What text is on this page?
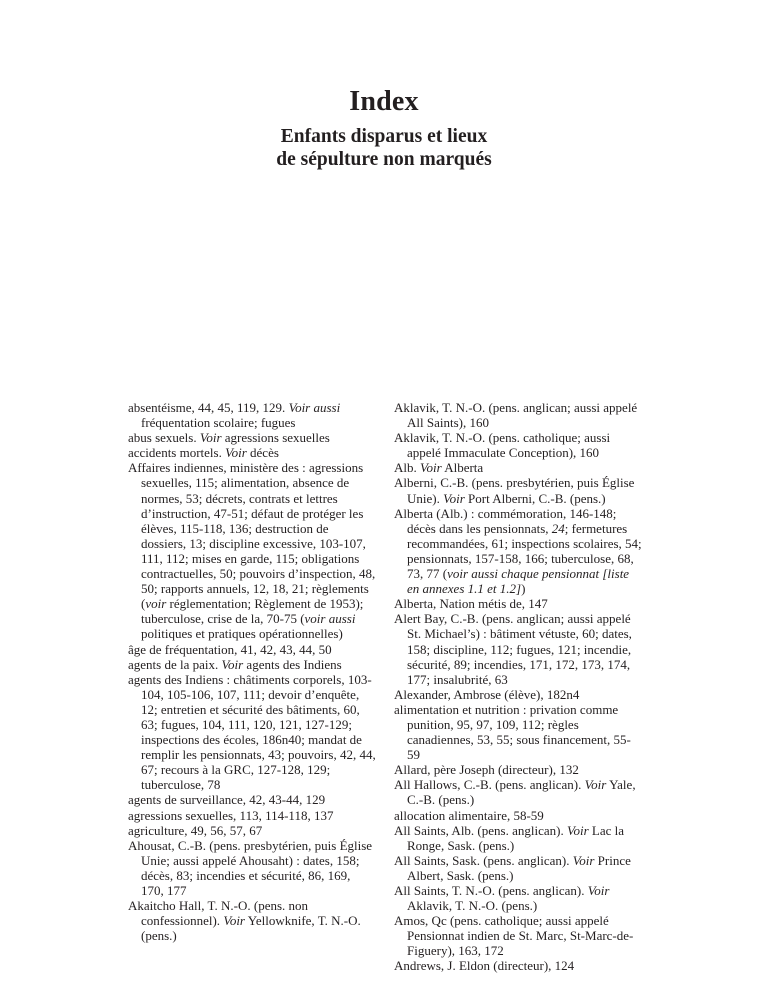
Index
Enfants disparus et lieux
de sépulture non marqués

absentéisme, 44, 45, 119, 129. Voir aussi fréquentation scolaire; fugues

abus sexuels. Voir agressions sexuelles

accidents mortels. Voir décès

Affaires indiennes, ministère des : agressions sexuelles, 115; alimentation, absence de normes, 53; décrets, contrats et lettres d’instruction, 47-51; défaut de protéger les élèves, 115-118, 136; destruction de dossiers, 13; discipline excessive, 103-107, 111, 112; mises en garde, 115; obligations contractuelles, 50; pouvoirs d’inspection, 48, 50; rapports annuels, 12, 18, 21; règlements (voir réglementation; Règlement de 1953); tuberculose, crise de la, 70-75 (voir aussi politiques et pratiques opérationnelles)

âge de fréquentation, 41, 42, 43, 44, 50

agents de la paix. Voir agents des Indiens

agents des Indiens : châtiments corporels, 103-104, 105-106, 107, 111; devoir d’enquête, 12; entretien et sécurité des bâtiments, 60, 63; fugues, 104, 111, 120, 121, 127-129; inspections des écoles, 186n40; mandat de remplir les pensionnats, 43; pouvoirs, 42, 44, 67; recours à la GRC, 127-128, 129; tuberculose, 78

agents de surveillance, 42, 43-44, 129

agressions sexuelles, 113, 114-118, 137

agriculture, 49, 56, 57, 67

Ahousat, C.-B. (pens. presbytérien, puis Église Unie; aussi appelé Ahousaht) : dates, 158; décès, 83; incendies et sécurité, 86, 169, 170, 177

Akaitcho Hall, T. N.-O. (pens. non confessionnel). Voir Yellowknife, T. N.-O. (pens.)

Aklavik, T. N.-O. (pens. anglican; aussi appelé All Saints), 160

Aklavik, T. N.-O. (pens. catholique; aussi appelé Immaculate Conception), 160

Alb. Voir Alberta

Alberni, C.-B. (pens. presbytérien, puis Église Unie). Voir Port Alberni, C.-B. (pens.)

Alberta (Alb.) : commémoration, 146-148; décès dans les pensionnats, 24; fermetures recommandées, 61; inspections scolaires, 54; pensionnats, 157-158, 166; tuberculose, 68, 73, 77 (voir aussi chaque pensionnat [liste en annexes 1.1 et 1.2])

Alberta, Nation métis de, 147

Alert Bay, C.-B. (pens. anglican; aussi appelé St. Michael’s) : bâtiment vétuste, 60; dates, 158; discipline, 112; fugues, 121; incendie, sécurité, 89; incendies, 171, 172, 173, 174, 177; insalubrité, 63

Alexander, Ambrose (élève), 182n4

alimentation et nutrition : privation comme punition, 95, 97, 109, 112; règles canadiennes, 53, 55; sous financement, 55-59

Allard, père Joseph (directeur), 132

All Hallows, C.-B. (pens. anglican). Voir Yale, C.-B. (pens.)

allocation alimentaire, 58-59

All Saints, Alb. (pens. anglican). Voir Lac la Ronge, Sask. (pens.)

All Saints, Sask. (pens. anglican). Voir Prince Albert, Sask. (pens.)

All Saints, T. N.-O. (pens. anglican). Voir Aklavik, T. N.-O. (pens.)

Amos, Qc (pens. catholique; aussi appelé Pensionnat indien de St. Marc, St-Marc-de-Figuery), 163, 172

Andrews, J. Eldon (directeur), 124
